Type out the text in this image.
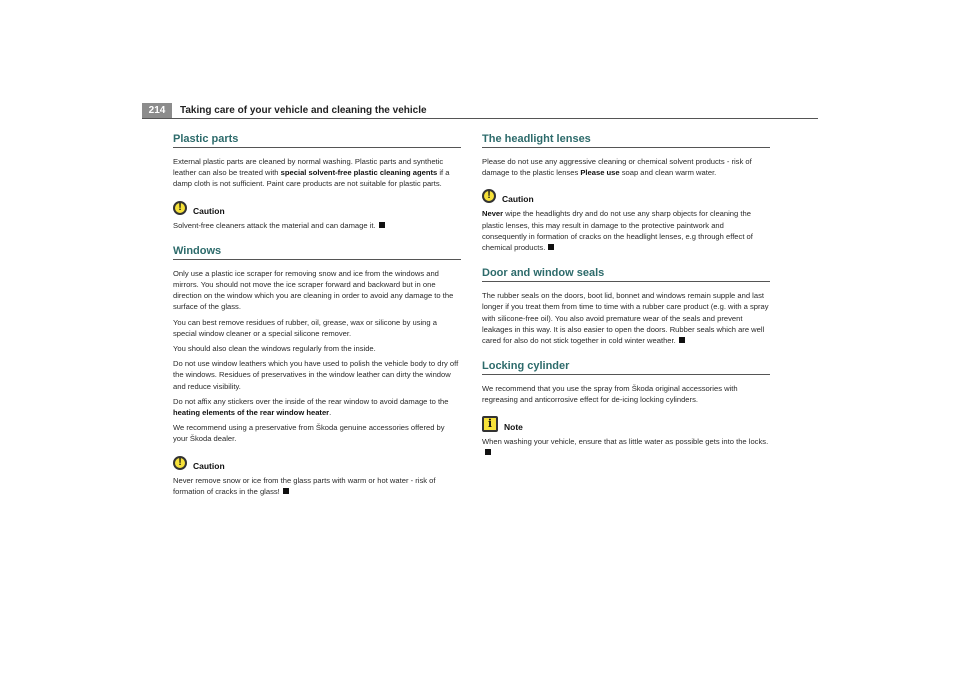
214	Taking care of your vehicle and cleaning the vehicle
Plastic parts

External plastic parts are cleaned by normal washing. Plastic parts and synthetic leather can also be treated with special solvent-free plastic cleaning agents if a damp cloth is not sufficient. Paint care products are not suitable for plastic parts.

!	Caution

Solvent-free cleaners attack the material and can damage it.

Windows

Only use a plastic ice scraper for removing snow and ice from the windows and mirrors. You should not move the ice scraper forward and backward but in one direction on the window which you are cleaning in order to avoid any damage to the surface of the glass.

You can best remove residues of rubber, oil, grease, wax or silicone by using a special window cleaner or a special silicone remover.

You should also clean the windows regularly from the inside.

Do not use window leathers which you have used to polish the vehicle body to dry off the windows. Residues of preservatives in the window leather can dirty the window and reduce visibility.

Do not affix any stickers over the inside of the rear window to avoid damage to the heating elements of the rear window heater.

We recommend using a preservative from Škoda genuine accessories offered by your Škoda dealer.

!	Caution

Never remove snow or ice from the glass parts with warm or hot water - risk of formation of cracks in the glass!

The headlight lenses

Please do not use any aggressive cleaning or chemical solvent products - risk of damage to the plastic lenses Please use soap and clean warm water.

!	Caution

Never wipe the headlights dry and do not use any sharp objects for cleaning the plastic lenses, this may result in damage to the protective paintwork and consequently in formation of cracks on the headlight lenses, e.g through effect of chemical products.

Door and window seals

The rubber seals on the doors, boot lid, bonnet and windows remain supple and last longer if you treat them from time to time with a rubber care product (e.g. with a spray with silicone-free oil). You also avoid premature wear of the seals and prevent leakages in this way. It is also easier to open the doors. Rubber seals which are well cared for also do not stick together in cold winter weather.

Locking cylinder

We recommend that you use the spray from Škoda original accessories with regreasing and anticorrosive effect for de-icing locking cylinders.

i	Note

When washing your vehicle, ensure that as little water as possible gets into the locks.
